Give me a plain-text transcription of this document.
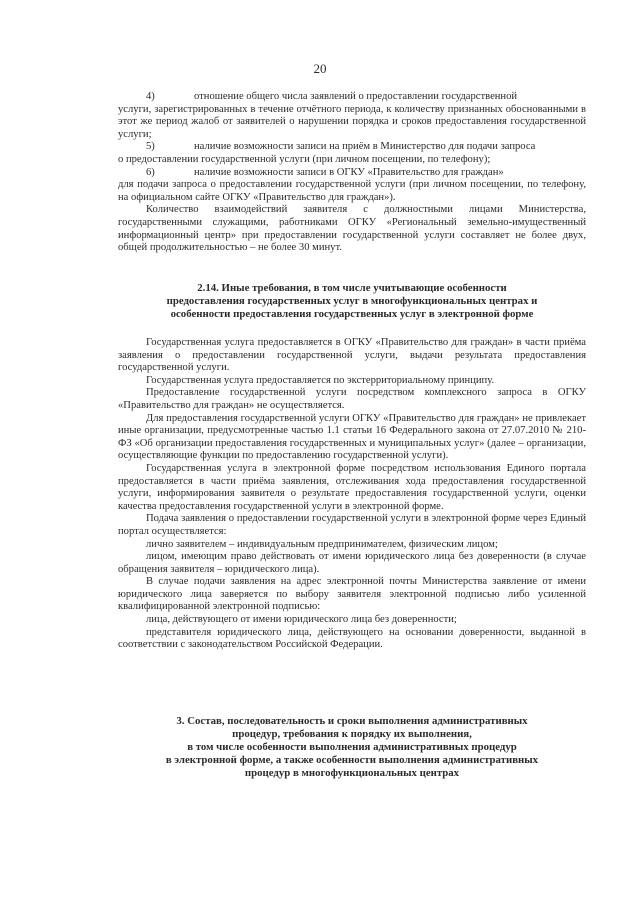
20
4)	отношение общего числа заявлений о предоставлении государственной
услуги, зарегистрированных в течение отчётного периода, к количеству признанных обоснованными в этот же период жалоб от заявителей о нарушении порядка и сроков предоставления государственной услуги;
5)	наличие возможности записи на приём в Министерство для подачи запроса
о предоставлении государственной услуги (при личном посещении, по телефону);
6)	наличие возможности записи в ОГКУ «Правительство для граждан»
для подачи запроса о предоставлении государственной услуги (при личном посещении, по телефону, на официальном сайте ОГКУ «Правительство для граждан»).
Количество взаимодействий заявителя с должностными лицами Министерства, государственными служащими, работниками ОГКУ «Региональный земельно-имущественный информационный центр» при предоставлении государственной услуги составляет не более двух, общей продолжительностью – не более 30 минут.
2.14. Иные требования, в том числе учитывающие особенности
предоставления государственных услуг в многофункциональных центрах и
особенности предоставления государственных услуг в электронной форме
Государственная услуга предоставляется в ОГКУ «Правительство для граждан» в части приёма заявления о предоставлении государственной услуги, выдачи результата предоставления государственной услуги.
Государственная услуга предоставляется по экстерриториальному принципу.
Предоставление государственной услуги посредством комплексного запроса в ОГКУ «Правительство для граждан» не осуществляется.
Для предоставления государственной услуги ОГКУ «Правительство для граждан» не привлекает иные организации, предусмотренные частью 1.1 статьи 16 Федерального закона от 27.07.2010 № 210-ФЗ «Об организации предоставления государственных и муниципальных услуг» (далее – организации, осуществляющие функции по предоставлению государственной услуги).
Государственная услуга в электронной форме посредством использования Единого портала предоставляется в части приёма заявления, отслеживания хода предоставления государственной услуги, информирования заявителя о результате предоставления государственной услуги, оценки качества предоставления государственной услуги в электронной форме.
Подача заявления о предоставлении государственной услуги в электронной форме через Единый портал осуществляется:
лично заявителем – индивидуальным предпринимателем, физическим лицом;
лицом, имеющим право действовать от имени юридического лица без доверенности (в случае обращения заявителя – юридического лица).
В случае подачи заявления на адрес электронной почты Министерства заявление от имени юридического лица заверяется по выбору заявителя электронной подписью либо усиленной квалифицированной электронной подписью:
лица, действующего от имени юридического лица без доверенности;
представителя юридического лица, действующего на основании доверенности, выданной в соответствии с законодательством Российской Федерации.
3. Состав, последовательность и сроки выполнения административных
процедур, требования к порядку их выполнения,
в том числе особенности выполнения административных процедур
в электронной форме, а также особенности выполнения административных
процедур в многофункциональных центрах
